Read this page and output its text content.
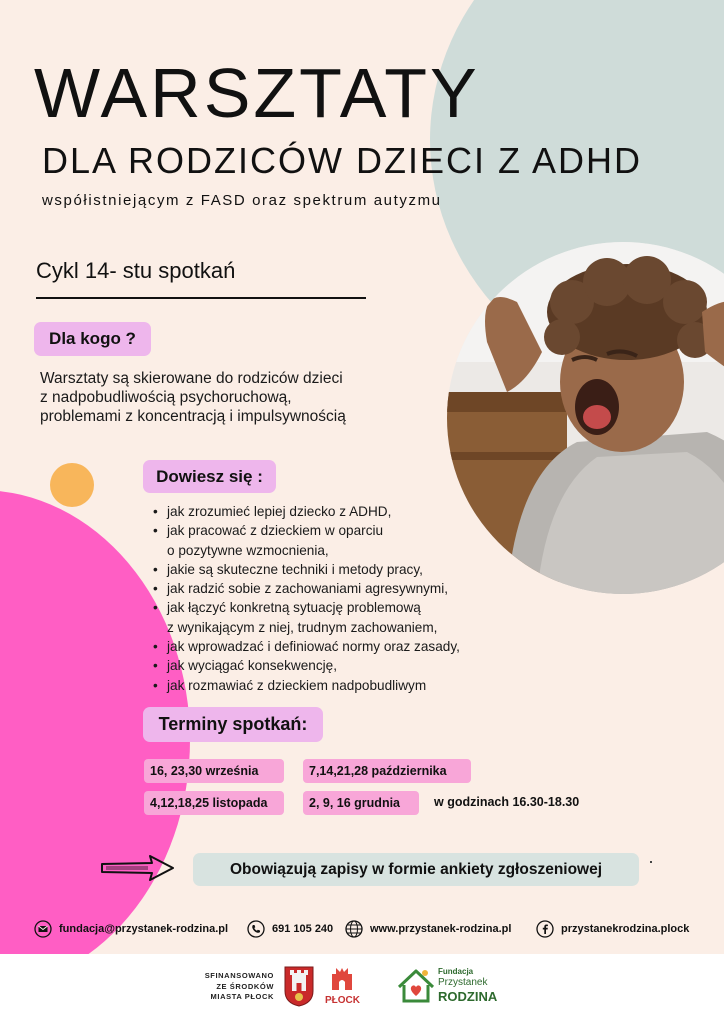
WARSZTATY
DLA RODZICÓW DZIECI Z ADHD
współistniejącym z FASD oraz spektrum autyzmu
Cykl 14- stu spotkań
Dla kogo ?
Warsztaty są skierowane do rodziców dzieci
z nadpobudliwością psychoruchową,
problemami z koncentracją i impulsywnością
Dowiesz się :
• jak zrozumieć lepiej dziecko z ADHD,
• jak pracować z dzieckiem w oparciu
o pozytywne wzmocnienia,
• jakie są skuteczne techniki i metody pracy,
• jak radzić sobie z zachowaniami agresywnymi,
• jak łączyć konkretną sytuację problemową
z wynikającym z niej, trudnym zachowaniem,
• jak wprowadzać i definiować normy oraz zasady,
• jak wyciągać konsekwencję,
• jak rozmawiać z dzieckiem nadpobudliwym
Terminy spotkań:
16, 23,30 września	7,14,21,28 października
4,12,18,25 listopada	2, 9, 16 grudnia	w godzinach 16.30-18.30
Obowiązują zapisy w formie ankiety zgłoszeniowej
fundacja@przystanek-rodzina.pl	691 105 240	www.przystanek-rodzina.pl	przystanekrodzina.plock
SFINANSOWANO
ZE ŚRODKÓW
MIASTA PŁOCK	PŁOCK
Fundacja
Przystanek
RODZINA
